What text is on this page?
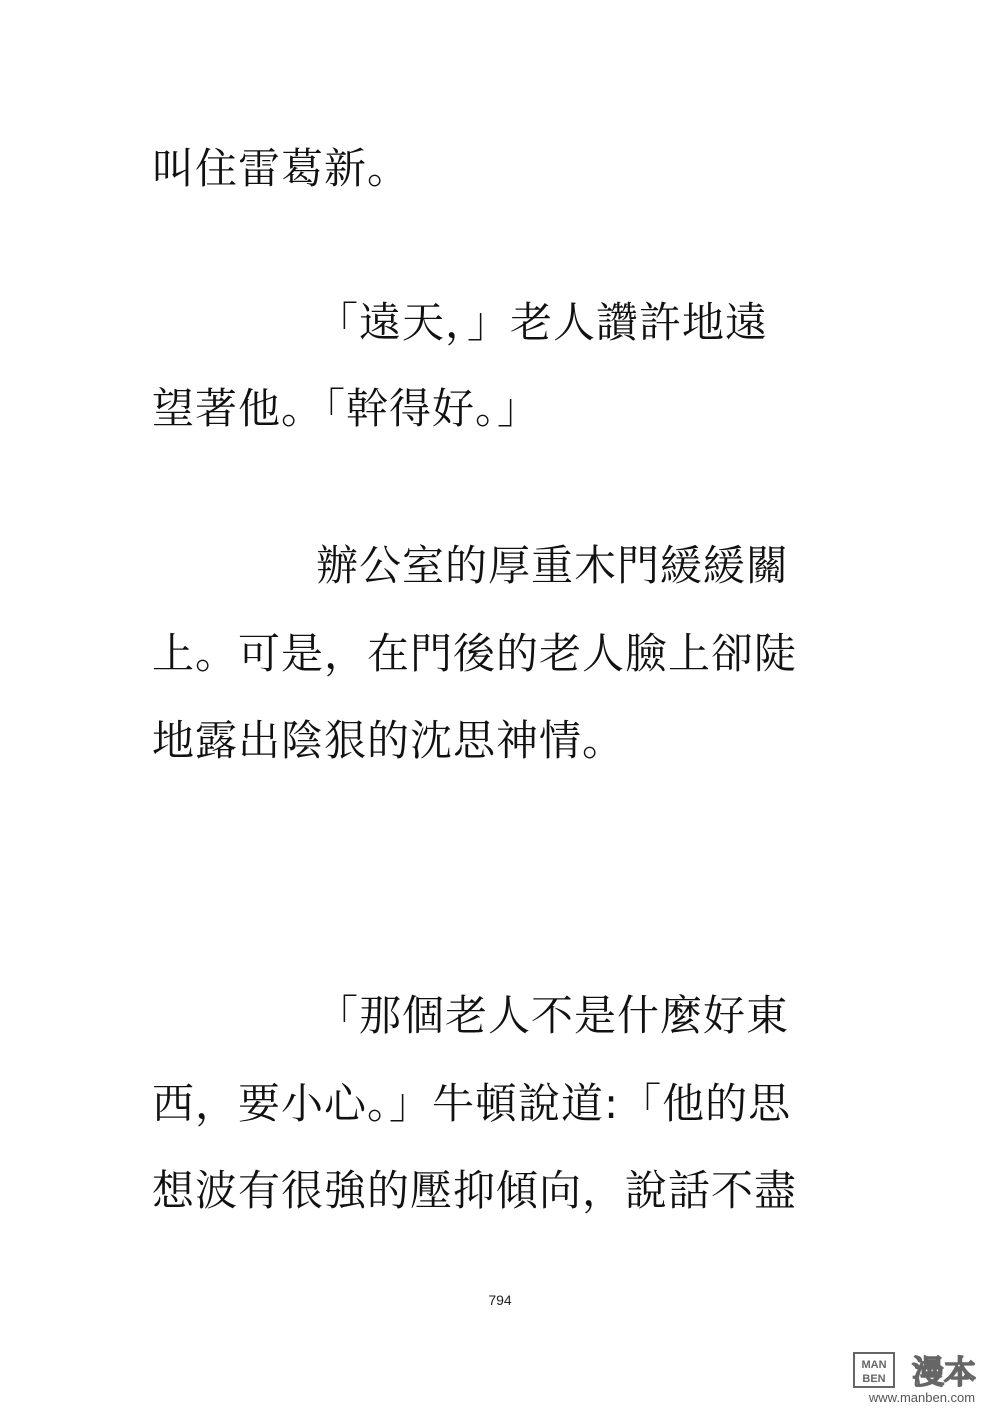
叫住雷葛新。
「遠天，」老人讚許地遠
望著他。「幹得好。」
辦公室的厚重木門緩緩關
上。可是，在門後的老人臉上卻陡
地露出陰狠的沈思神情。
「那個老人不是什麼好東
西，要小心。」牛頓說道:「他的思
想波有很強的壓抑傾向，說話不盡
794
MAN
BEN 漫本
www.manben.com
